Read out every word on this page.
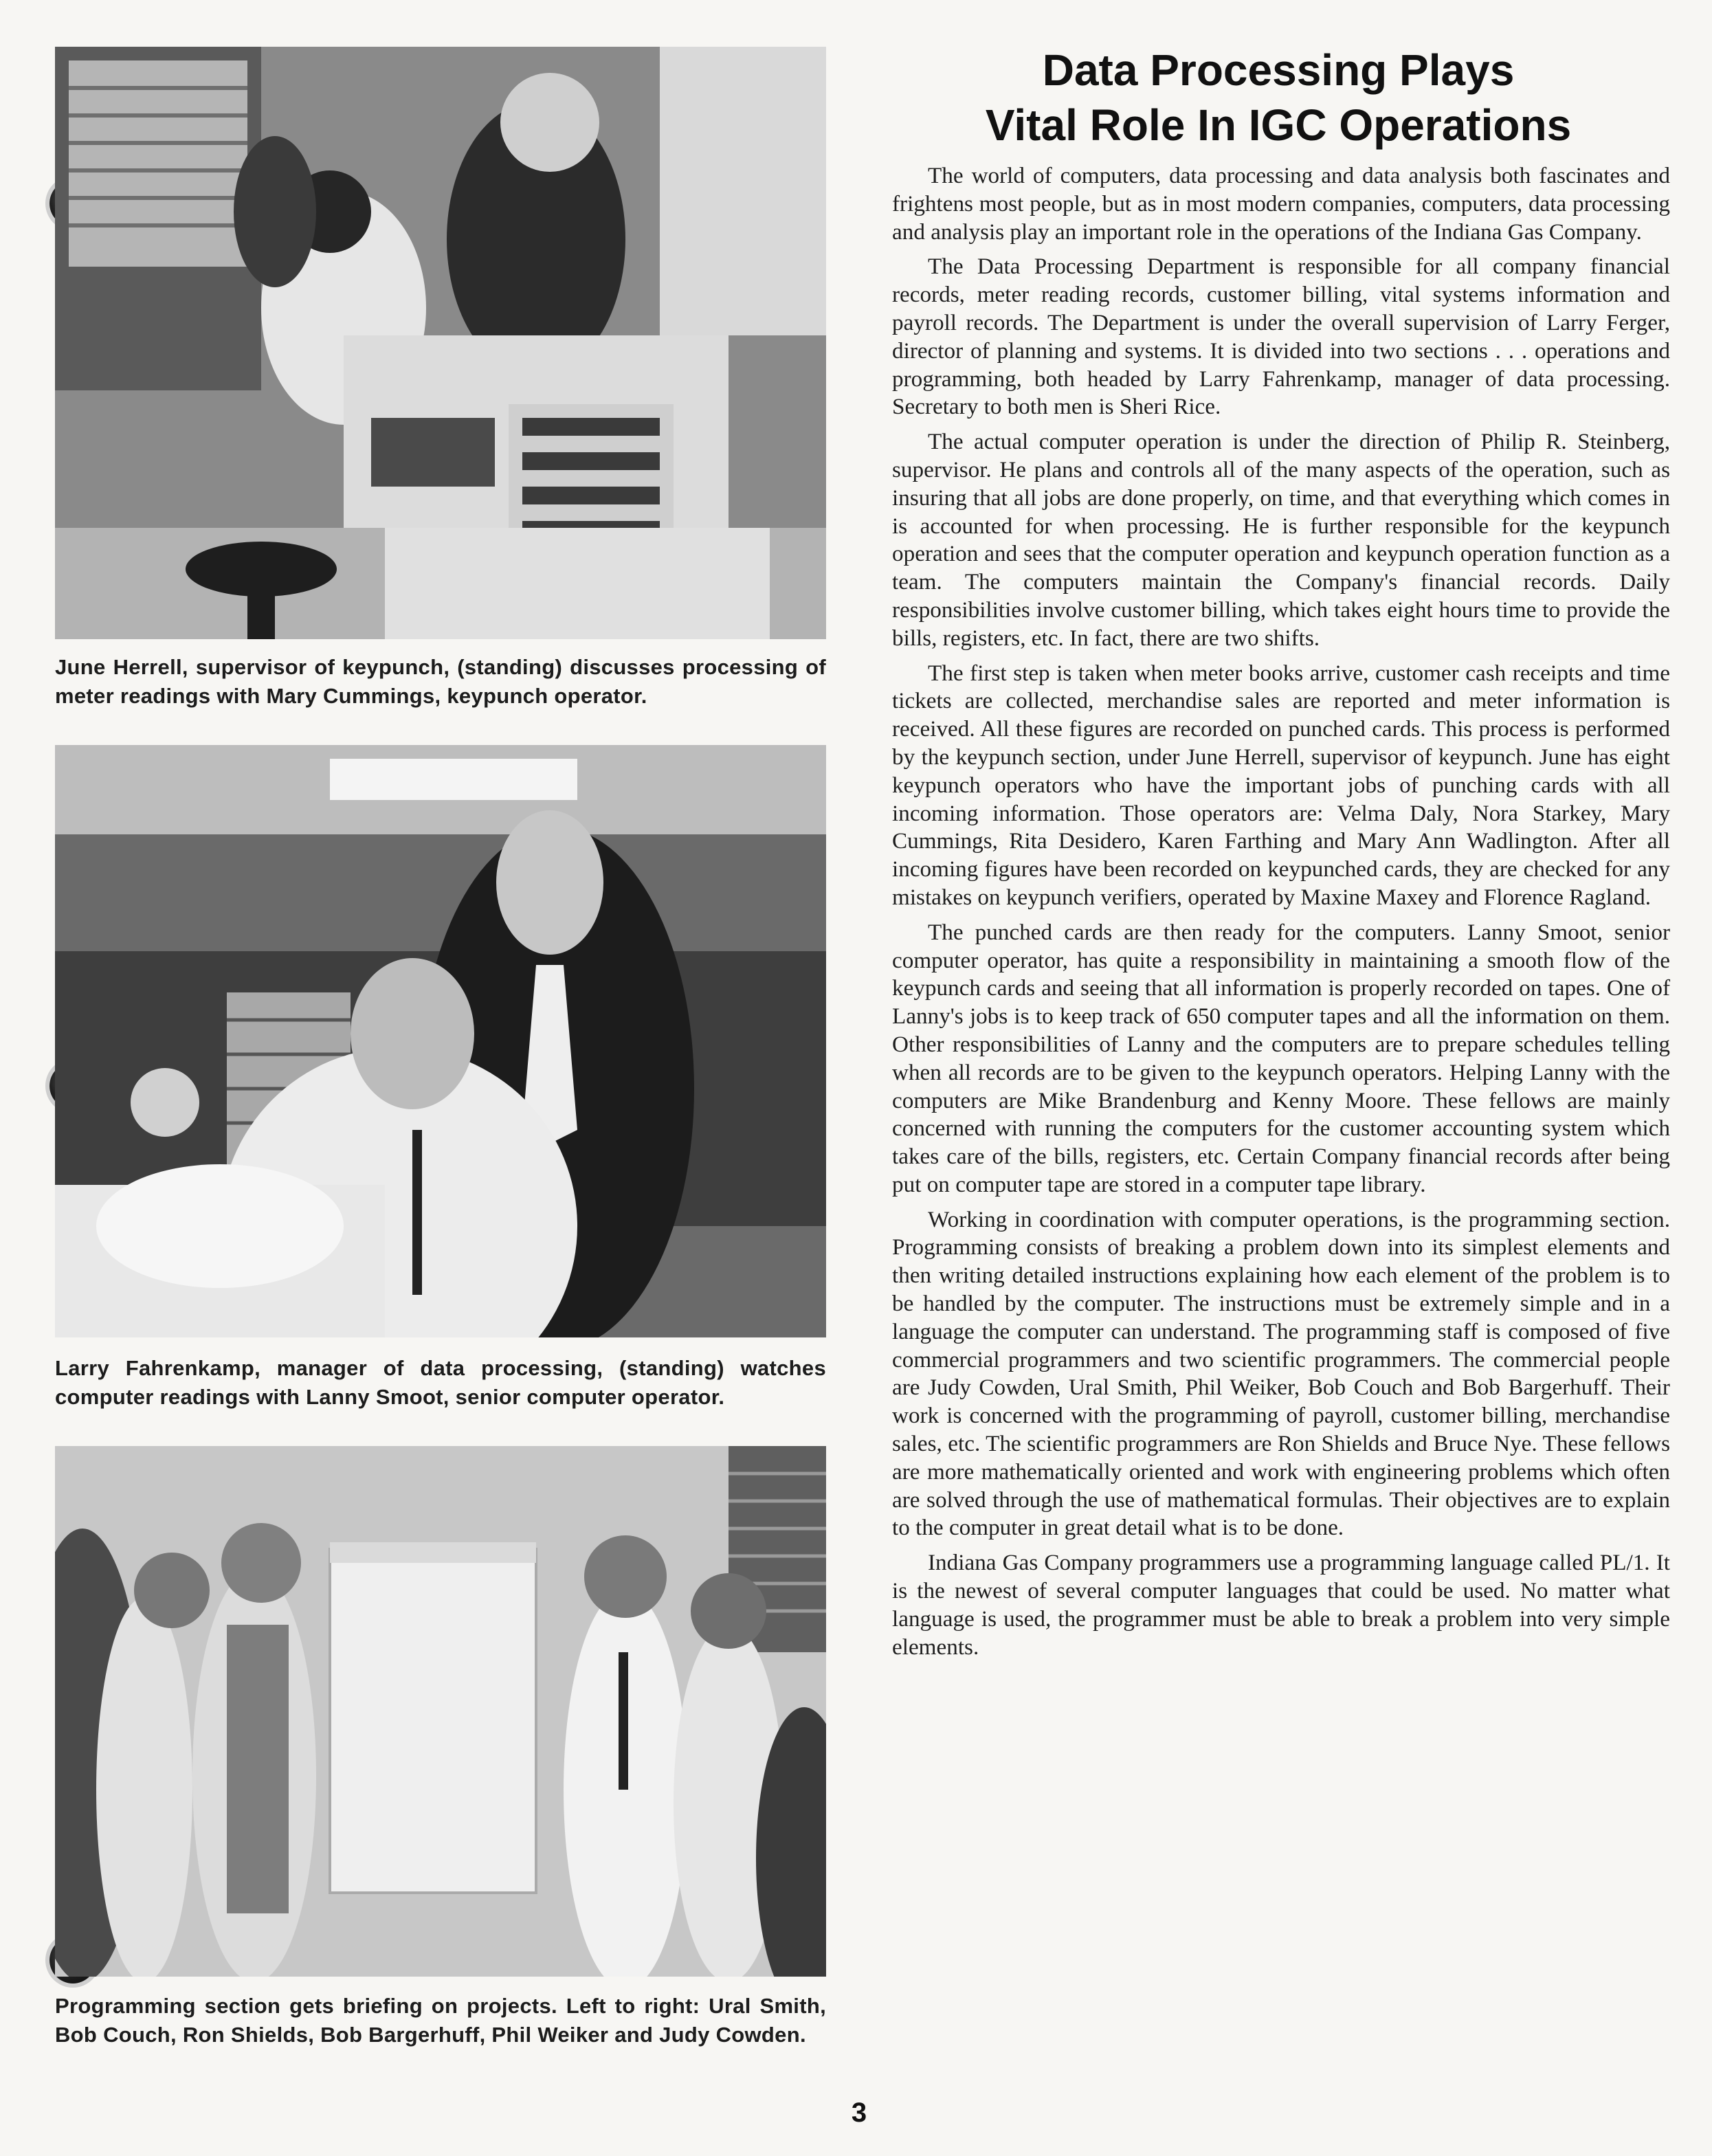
June Herrell, supervisor of keypunch, (standing) discusses processing of meter readings with Mary Cummings, keypunch operator.
Larry Fahrenkamp, manager of data processing, (standing) watches computer readings with Lanny Smoot, senior computer operator.
Programming section gets briefing on projects. Left to right: Ural Smith, Bob Couch, Ron Shields, Bob Bargerhuff, Phil Weiker and Judy Cowden.
Data Processing Plays
Vital Role In IGC Operations

The world of computers, data processing and data analysis both fascinates and frightens most people, but as in most modern companies, computers, data processing and analysis play an important role in the operations of the Indiana Gas Company.

The Data Processing Department is responsible for all company financial records, meter reading records, customer billing, vital systems information and payroll records. The Department is under the overall supervision of Larry Ferger, director of planning and systems. It is divided into two sections . . . operations and programming, both headed by Larry Fahrenkamp, manager of data processing. Secretary to both men is Sheri Rice.

The actual computer operation is under the direction of Philip R. Steinberg, supervisor. He plans and controls all of the many aspects of the operation, such as insuring that all jobs are done properly, on time, and that everything which comes in is accounted for when processing. He is further responsible for the keypunch operation and sees that the computer operation and keypunch operation function as a team. The computers maintain the Company's financial records. Daily responsibilities involve customer billing, which takes eight hours time to provide the bills, registers, etc. In fact, there are two shifts.

The first step is taken when meter books arrive, customer cash receipts and time tickets are collected, merchandise sales are reported and meter information is received. All these figures are recorded on punched cards. This process is performed by the keypunch section, under June Herrell, supervisor of keypunch. June has eight keypunch operators who have the important jobs of punching cards with all incoming information. Those operators are: Velma Daly, Nora Starkey, Mary Cummings, Rita Desidero, Karen Farthing and Mary Ann Wadlington. After all incoming figures have been recorded on keypunched cards, they are checked for any mistakes on keypunch verifiers, operated by Maxine Maxey and Florence Ragland.

The punched cards are then ready for the computers. Lanny Smoot, senior computer operator, has quite a responsibility in maintaining a smooth flow of the keypunch cards and seeing that all information is properly recorded on tapes. One of Lanny's jobs is to keep track of 650 computer tapes and all the information on them. Other responsibilities of Lanny and the computers are to prepare schedules telling when all records are to be given to the keypunch operators. Helping Lanny with the computers are Mike Brandenburg and Kenny Moore. These fellows are mainly concerned with running the computers for the customer accounting system which takes care of the bills, registers, etc. Certain Company financial records after being put on computer tape are stored in a computer tape library.

Working in coordination with computer operations, is the programming section. Programming consists of breaking a problem down into its simplest elements and then writing detailed instructions explaining how each element of the problem is to be handled by the computer. The instructions must be extremely simple and in a language the computer can understand. The programming staff is composed of five commercial programmers and two scientific programmers. The commercial people are Judy Cowden, Ural Smith, Phil Weiker, Bob Couch and Bob Bargerhuff. Their work is concerned with the programming of payroll, customer billing, merchandise sales, etc. The scientific programmers are Ron Shields and Bruce Nye. These fellows are more mathematically oriented and work with engineering problems which often are solved through the use of mathematical formulas. Their objectives are to explain to the computer in great detail what is to be done.

Indiana Gas Company programmers use a programming language called PL/1. It is the newest of several computer languages that could be used. No matter what language is used, the programmer must be able to break a problem into very simple elements.

3
